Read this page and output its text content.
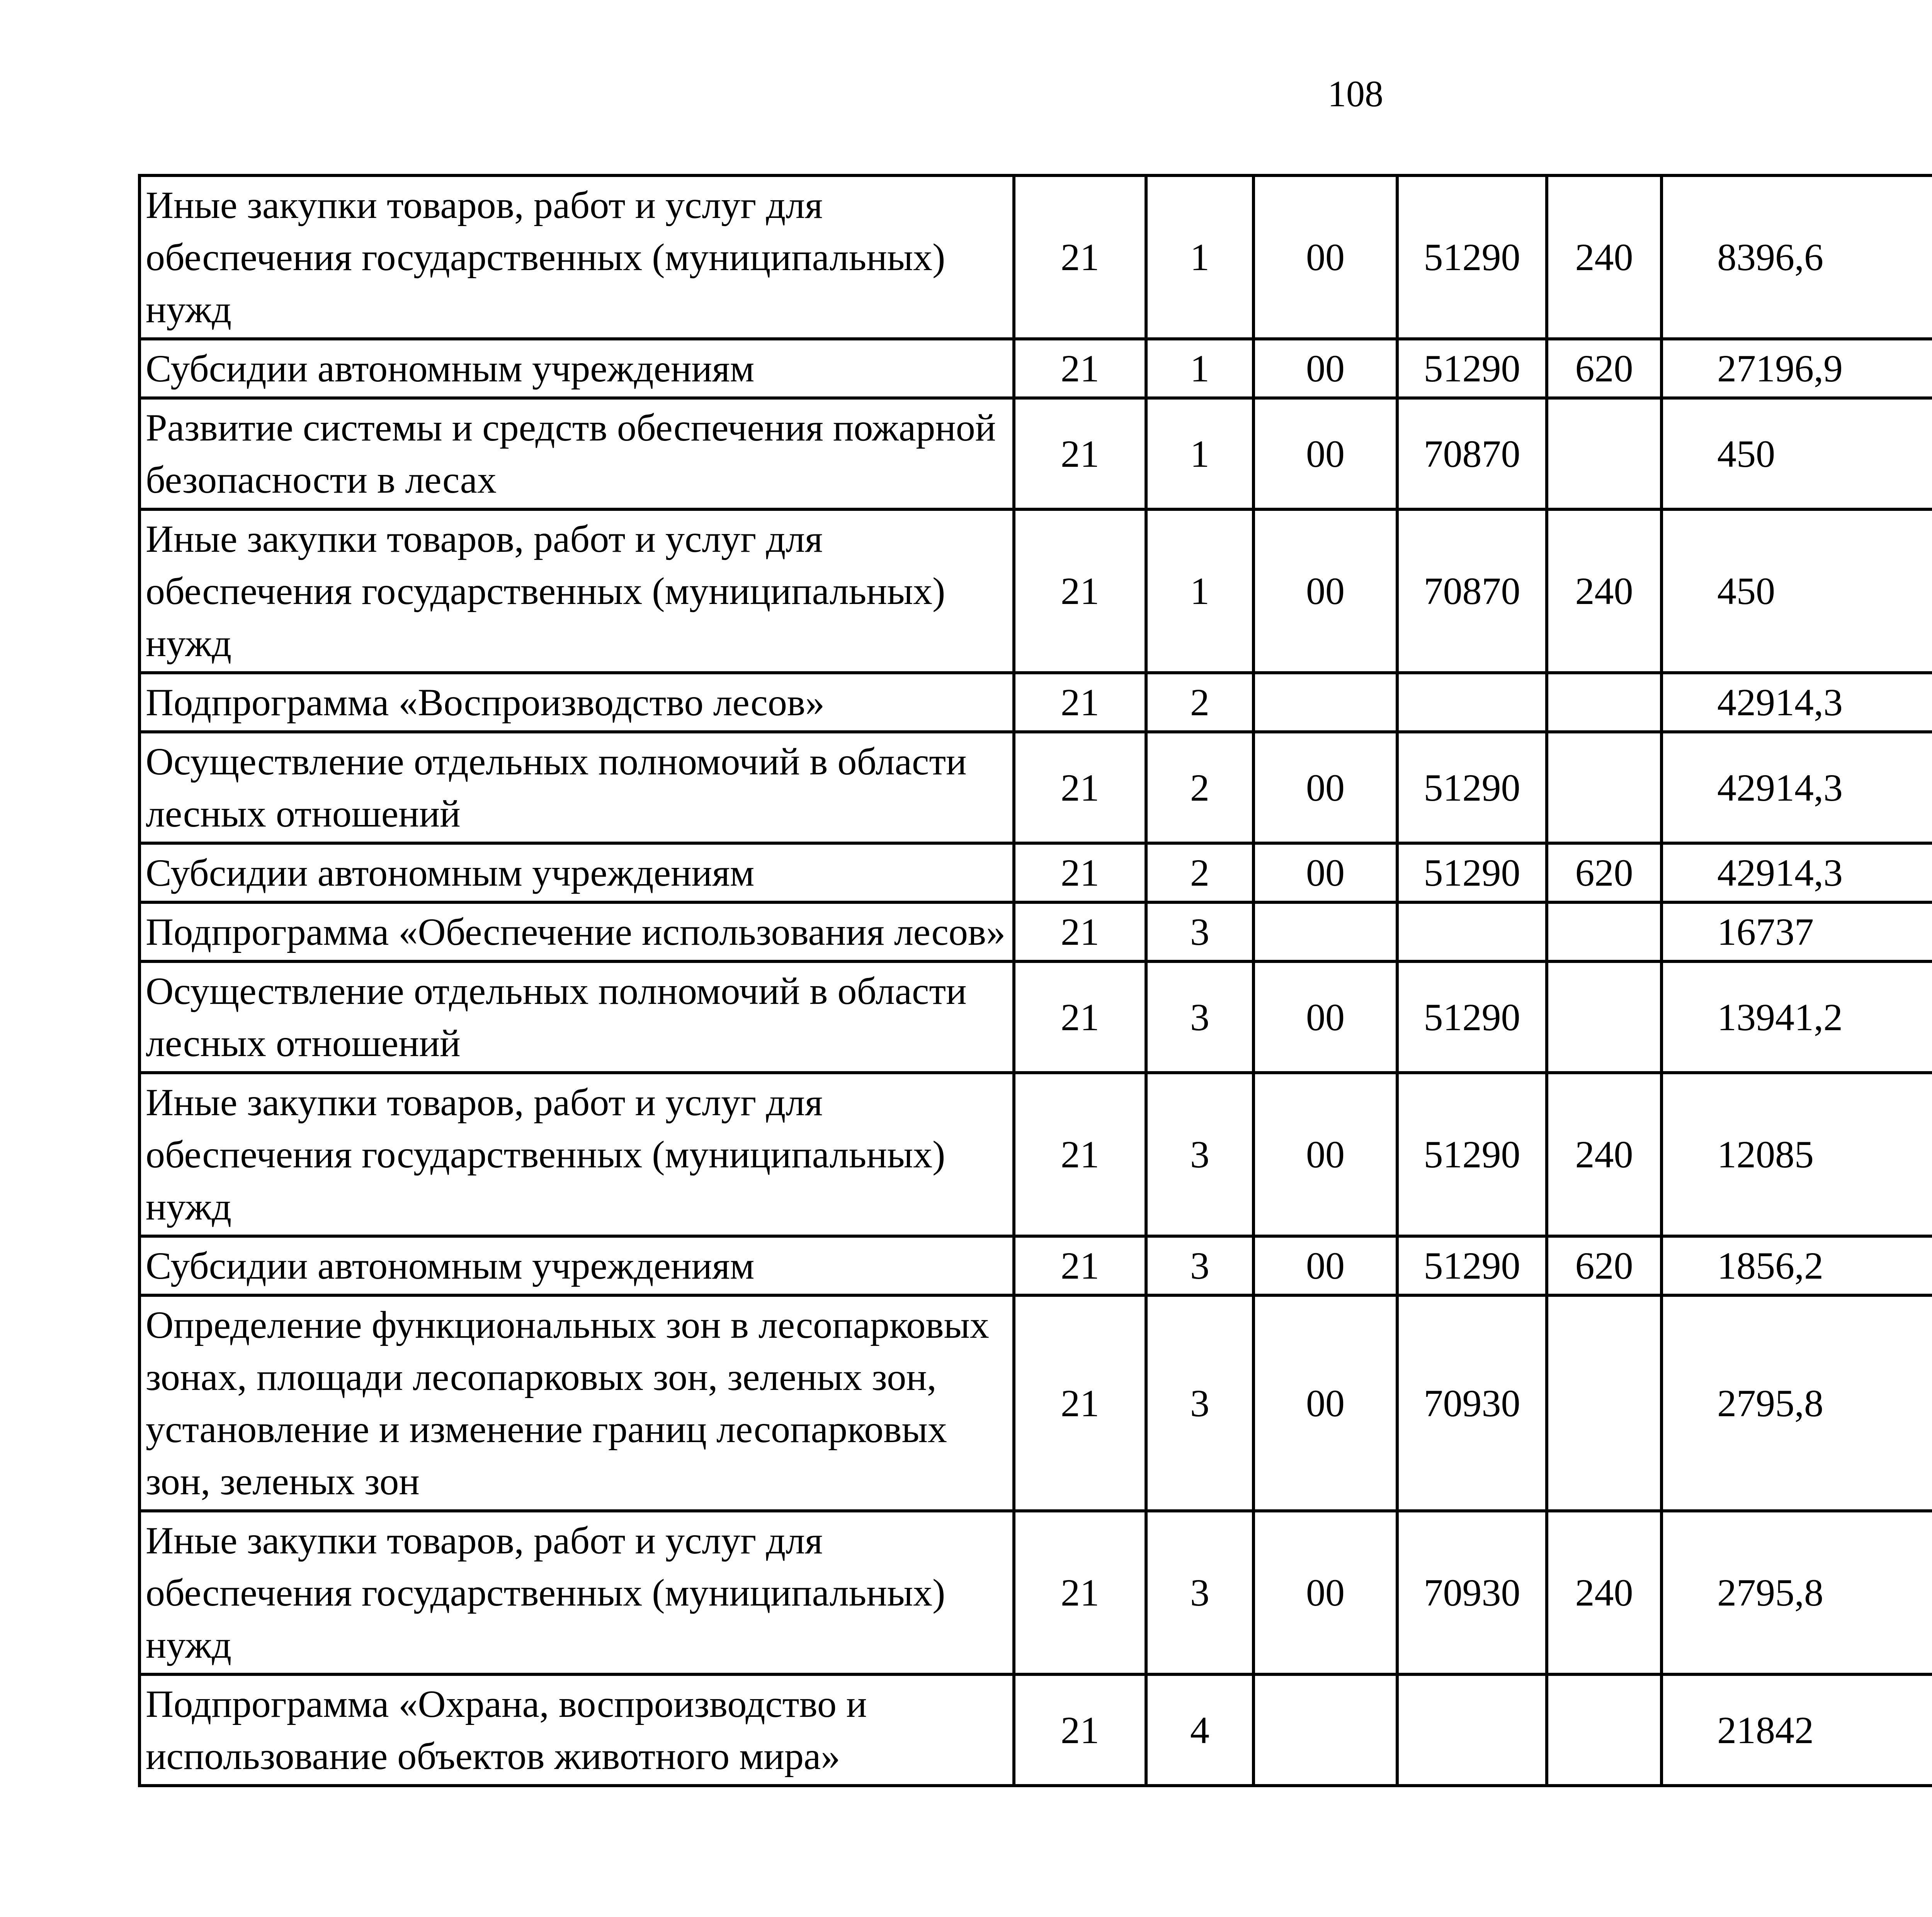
108
Иные закупки товаров, работ и услуг для обеспечения государственных (муниципальных) нужд	21	1	00	51290	240	8396,6		
Субсидии автономным учреждениям	21	1	00	51290	620	27196,9		
Развитие системы и средств обеспечения пожарной безопасности в лесах	21	1	00	70870		450		
Иные закупки товаров, работ и услуг для обеспечения государственных (муниципальных) нужд	21	1	00	70870	240	450		
Подпрограмма «Воспроизводство лесов»	21	2				42914,3		
Осуществление отдельных полномочий в области лесных отношений	21	2	00	51290		42914,3		
Субсидии автономным учреждениям	21	2	00	51290	620	42914,3		
Подпрограмма «Обеспечение использования лесов»	21	3				16737		
Осуществление отдельных полномочий в области лесных отношений	21	3	00	51290		13941,2		
Иные закупки товаров, работ и услуг для обеспечения государственных (муниципальных) нужд	21	3	00	51290	240	12085		
Субсидии автономным учреждениям	21	3	00	51290	620	1856,2		
Определение функциональных зон в лесопарковых зонах, площади лесопарковых зон, зеленых зон, установление и изменение границ лесопарковых зон, зеленых зон	21	3	00	70930		2795,8		
Иные закупки товаров, работ и услуг для обеспечения государственных (муниципальных) нужд	21	3	00	70930	240	2795,8		
Подпрограмма «Охрана, воспроизводство и использование объектов животного мира»	21	4				21842		
